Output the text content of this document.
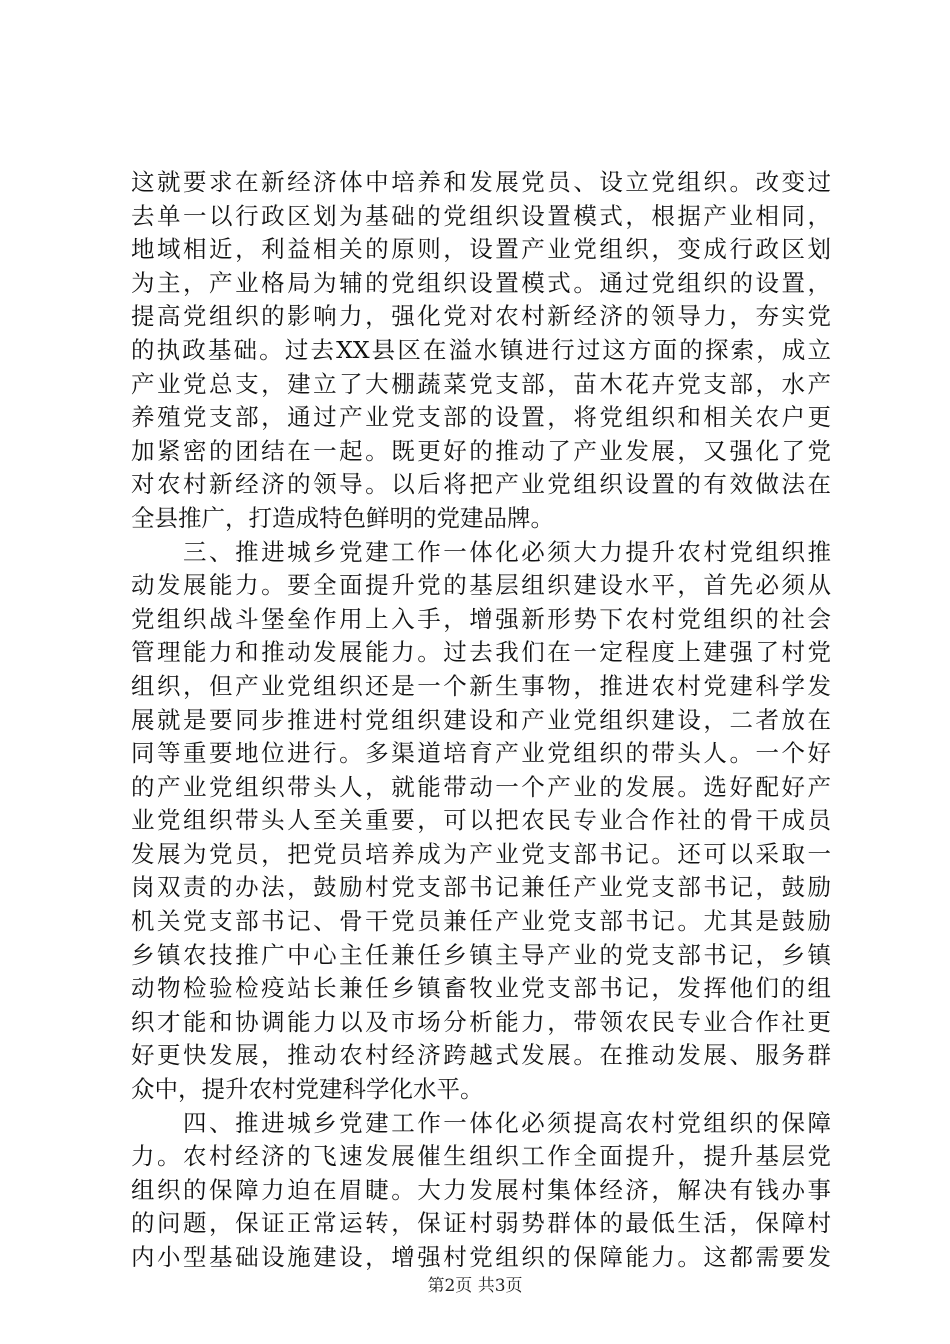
这就要求在新经济体中培养和发展党员、设立党组织。改变过
去单一以行政区划为基础的党组织设置模式，根据产业相同，
地域相近，利益相关的原则，设置产业党组织，变成行政区划
为主，产业格局为辅的党组织设置模式。通过党组织的设置，
提高党组织的影响力，强化党对农村新经济的领导力，夯实党
的执政基础。过去XX县区在溢水镇进行过这方面的探索，成立
产业党总支，建立了大棚蔬菜党支部，苗木花卉党支部，水产
养殖党支部，通过产业党支部的设置，将党组织和相关农户更
加紧密的团结在一起。既更好的推动了产业发展，又强化了党
对农村新经济的领导。以后将把产业党组织设置的有效做法在
全县推广，打造成特色鲜明的党建品牌。
　　三、推进城乡党建工作一体化必须大力提升农村党组织推
动发展能力。要全面提升党的基层组织建设水平，首先必须从
党组织战斗堡垒作用上入手，增强新形势下农村党组织的社会
管理能力和推动发展能力。过去我们在一定程度上建强了村党
组织，但产业党组织还是一个新生事物，推进农村党建科学发
展就是要同步推进村党组织建设和产业党组织建设，二者放在
同等重要地位进行。多渠道培育产业党组织的带头人。一个好
的产业党组织带头人，就能带动一个产业的发展。选好配好产
业党组织带头人至关重要，可以把农民专业合作社的骨干成员
发展为党员，把党员培养成为产业党支部书记。还可以采取一
岗双责的办法，鼓励村党支部书记兼任产业党支部书记，鼓励
机关党支部书记、骨干党员兼任产业党支部书记。尤其是鼓励
乡镇农技推广中心主任兼任乡镇主导产业的党支部书记，乡镇
动物检验检疫站长兼任乡镇畜牧业党支部书记，发挥他们的组
织才能和协调能力以及市场分析能力，带领农民专业合作社更
好更快发展，推动农村经济跨越式发展。在推动发展、服务群
众中，提升农村党建科学化水平。
　　四、推进城乡党建工作一体化必须提高农村党组织的保障
力。农村经济的飞速发展催生组织工作全面提升，提升基层党
组织的保障力迫在眉睫。大力发展村集体经济，解决有钱办事
的问题，保证正常运转，保证村弱势群体的最低生活，保障村
内小型基础设施建设，增强村党组织的保障能力。这都需要发
第2页 共3页
